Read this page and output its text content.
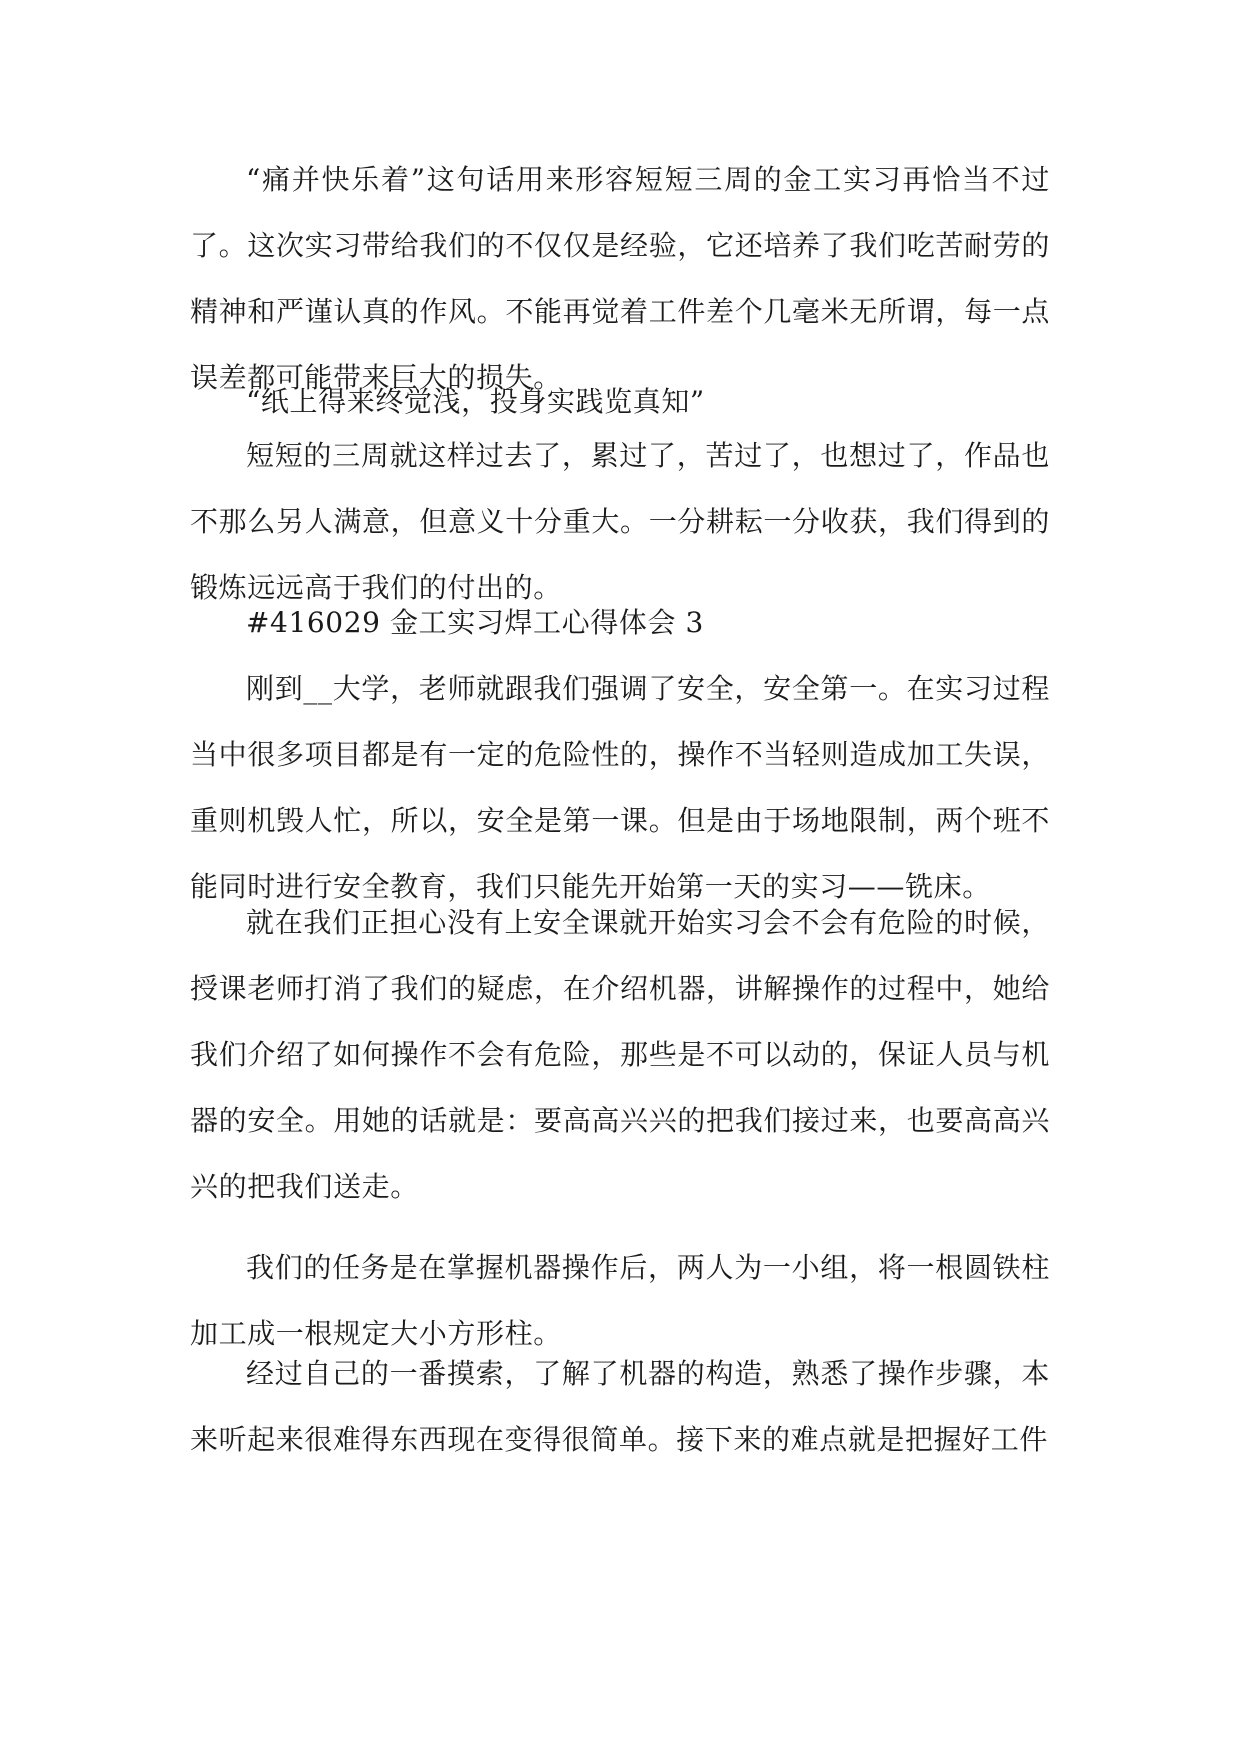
“痛并快乐着”这句话用来形容短短三周的金工实习再恰当不过了。这次实习带给我们的不仅仅是经验，它还培养了我们吃苦耐劳的精神和严谨认真的作风。不能再觉着工件差个几毫米无所谓，每一点误差都可能带来巨大的损失。

“纸上得来终觉浅，投身实践览真知”

短短的三周就这样过去了，累过了，苦过了，也想过了，作品也不那么另人满意，但意义十分重大。一分耕耘一分收获，我们得到的锻炼远远高于我们的付出的。

#416029 金工实习焊工心得体会 3

刚到__大学，老师就跟我们强调了安全，安全第一。在实习过程当中很多项目都是有一定的危险性的，操作不当轻则造成加工失误，重则机毁人忙，所以，安全是第一课。但是由于场地限制，两个班不能同时进行安全教育，我们只能先开始第一天的实习——铣床。

就在我们正担心没有上安全课就开始实习会不会有危险的时候，授课老师打消了我们的疑虑，在介绍机器，讲解操作的过程中，她给我们介绍了如何操作不会有危险，那些是不可以动的，保证人员与机器的安全。用她的话就是：要高高兴兴的把我们接过来，也要高高兴兴的把我们送走。

我们的任务是在掌握机器操作后，两人为一小组，将一根圆铁柱加工成一根规定大小方形柱。

经过自己的一番摸索，了解了机器的构造，熟悉了操作步骤，本来听起来很难得东西现在变得很简单。接下来的难点就是把握好工件
